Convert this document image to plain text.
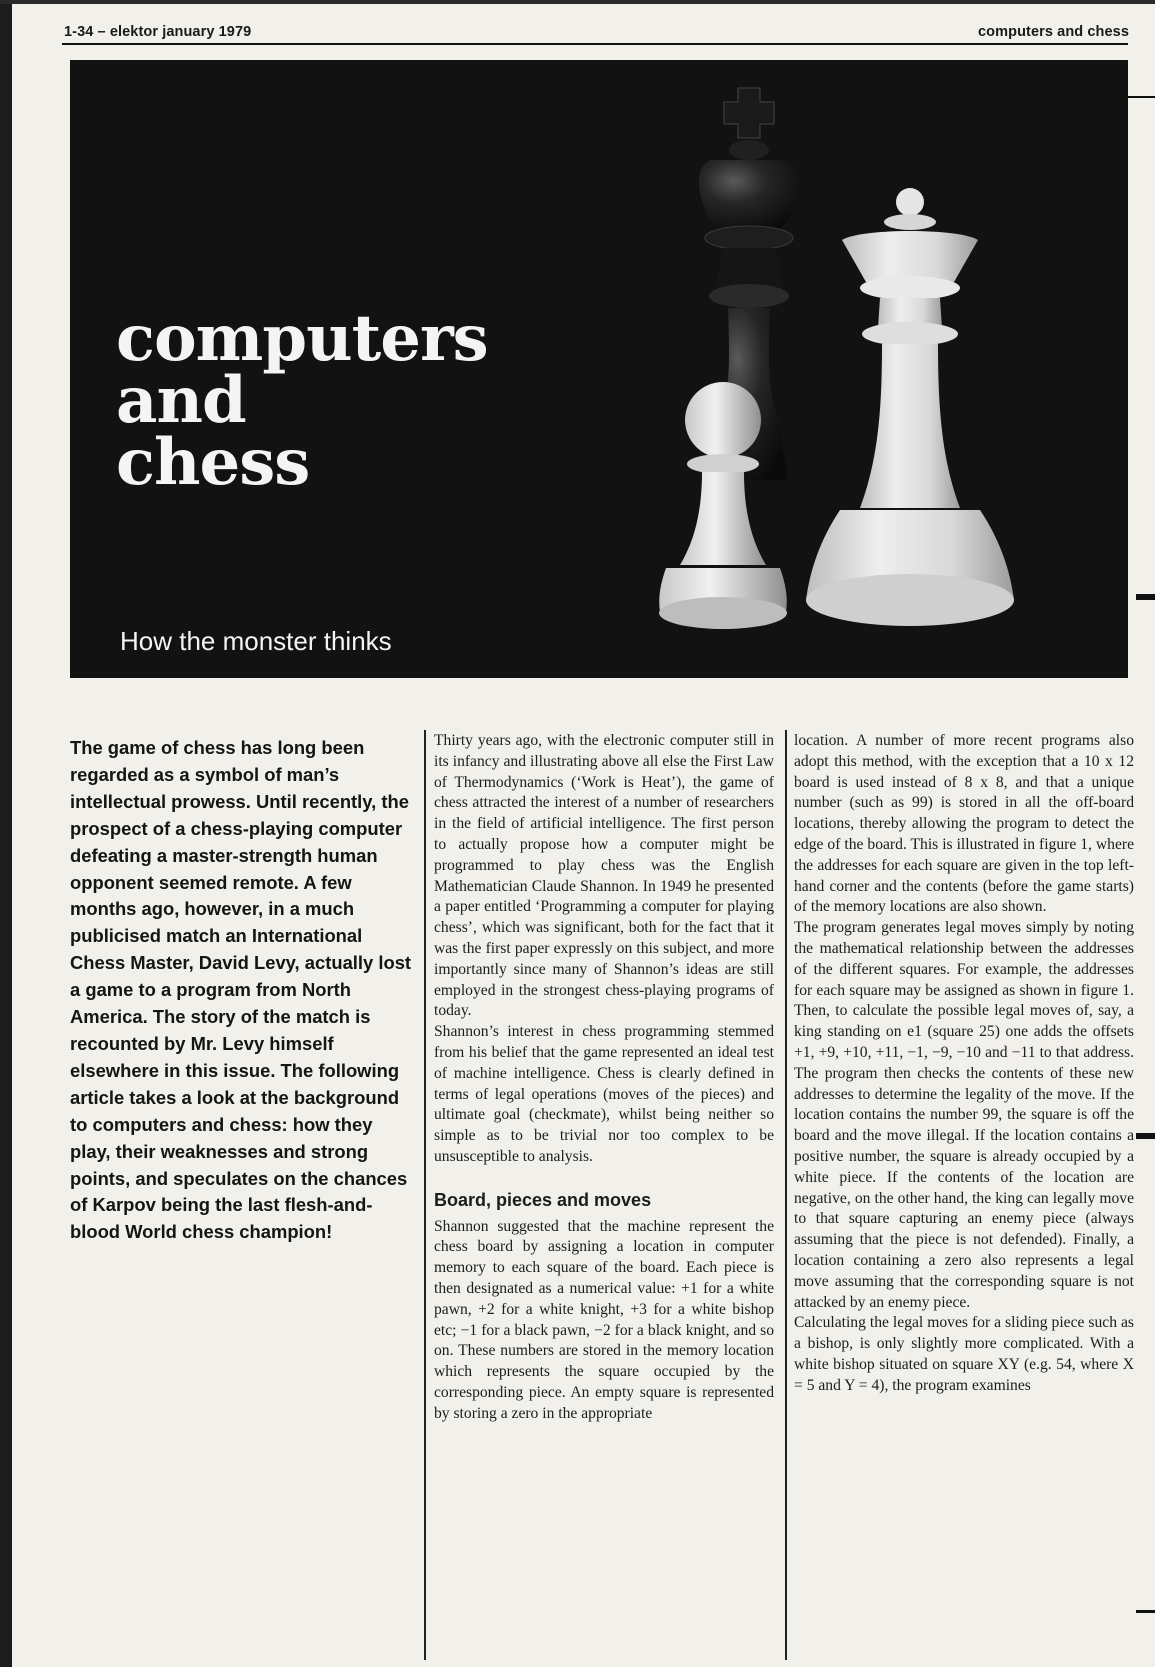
1-34 – elektor january 1979	computers and chess
computers
and
chess
How the monster thinks
The game of chess has long been regarded as a symbol of man’s intellectual prowess. Until recently, the prospect of a chess-playing computer defeating a master-strength human opponent seemed remote. A few months ago, however, in a much publicised match an International Chess Master, David Levy, actually lost a game to a program from North America. The story of the match is recounted by Mr. Levy himself elsewhere in this issue. The following article takes a look at the background to computers and chess: how they play, their weaknesses and strong points, and speculates on the chances of Karpov being the last flesh-and-blood World chess champion!

Thirty years ago, with the electronic computer still in its infancy and illustrating above all else the First Law of Thermodynamics (‘Work is Heat’), the game of chess attracted the interest of a number of researchers in the field of artificial intelligence. The first person to actually propose how a computer might be programmed to play chess was the English Mathematician Claude Shannon. In 1949 he presented a paper entitled ‘Programming a computer for playing chess’, which was significant, both for the fact that it was the first paper expressly on this subject, and more importantly since many of Shannon’s ideas are still employed in the strongest chess-playing programs of today.

Shannon’s interest in chess programming stemmed from his belief that the game represented an ideal test of machine intelligence. Chess is clearly defined in terms of legal operations (moves of the pieces) and ultimate goal (checkmate), whilst being neither so simple as to be trivial nor too complex to be unsusceptible to analysis.

Board, pieces and moves

Shannon suggested that the machine represent the chess board by assigning a location in computer memory to each square of the board. Each piece is then designated as a numerical value: +1 for a white pawn, +2 for a white knight, +3 for a white bishop etc; −1 for a black pawn, −2 for a black knight, and so on. These numbers are stored in the memory location which represents the square occupied by the corresponding piece. An empty square is represented by storing a zero in the appropriate

location. A number of more recent programs also adopt this method, with the exception that a 10 x 12 board is used instead of 8 x 8, and that a unique number (such as 99) is stored in all the off-board locations, thereby allowing the program to detect the edge of the board. This is illustrated in figure 1, where the addresses for each square are given in the top left-hand corner and the contents (before the game starts) of the memory locations are also shown.

The program generates legal moves simply by noting the mathematical relationship between the addresses of the different squares. For example, the addresses for each square may be assigned as shown in figure 1. Then, to calculate the possible legal moves of, say, a king standing on e1 (square 25) one adds the offsets +1, +9, +10, +11, −1, −9, −10 and −11 to that address. The program then checks the contents of these new addresses to determine the legality of the move. If the location contains the number 99, the square is off the board and the move illegal. If the location contains a positive number, the square is already occupied by a white piece. If the contents of the location are negative, on the other hand, the king can legally move to that square capturing an enemy piece (always assuming that the piece is not defended). Finally, a location containing a zero also represents a legal move assuming that the corresponding square is not attacked by an enemy piece.

Calculating the legal moves for a sliding piece such as a bishop, is only slightly more complicated. With a white bishop situated on square XY (e.g. 54, where X = 5 and Y = 4), the program examines
